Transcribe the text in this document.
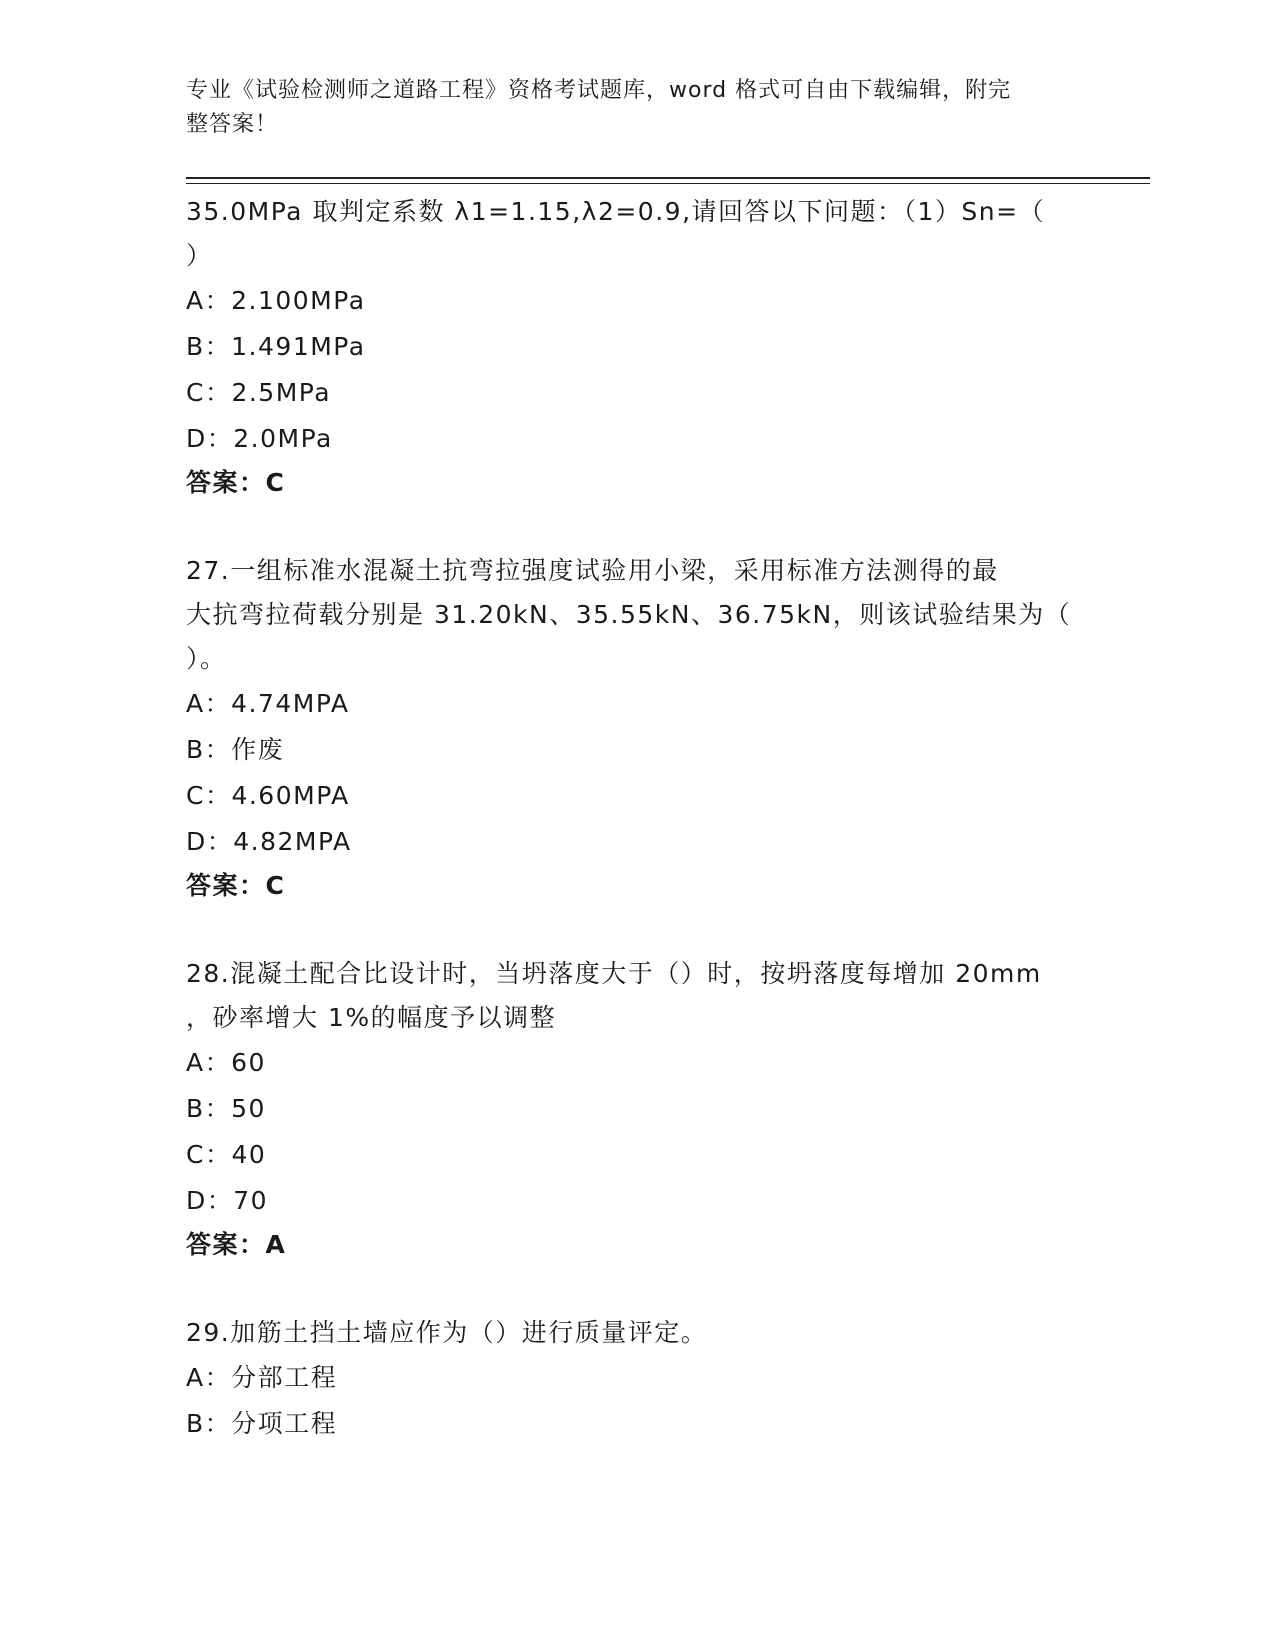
专业《试验检测师之道路工程》资格考试题库，word 格式可自由下载编辑，附完
整答案！

35.0MPa 取判定系数 λ1=1.15,λ2=0.9,请回答以下问题：（1）Sn=（

）

A：2.100MPa

B：1.491MPa

C：2.5MPa

D：2.0MPa

答案：C

27.一组标准水混凝土抗弯拉强度试验用小梁，采用标准方法测得的最

大抗弯拉荷载分别是 31.20kN、35.55kN、36.75kN，则该试验结果为（

）。

A：4.74MPA

B：作废

C：4.60MPA

D：4.82MPA

答案：C

28.混凝土配合比设计时，当坍落度大于（）时，按坍落度每增加 20mm

，砂率增大 1%的幅度予以调整

A：60

B：50

C：40

D：70

答案：A

29.加筋土挡土墙应作为（）进行质量评定。

A：分部工程

B：分项工程
